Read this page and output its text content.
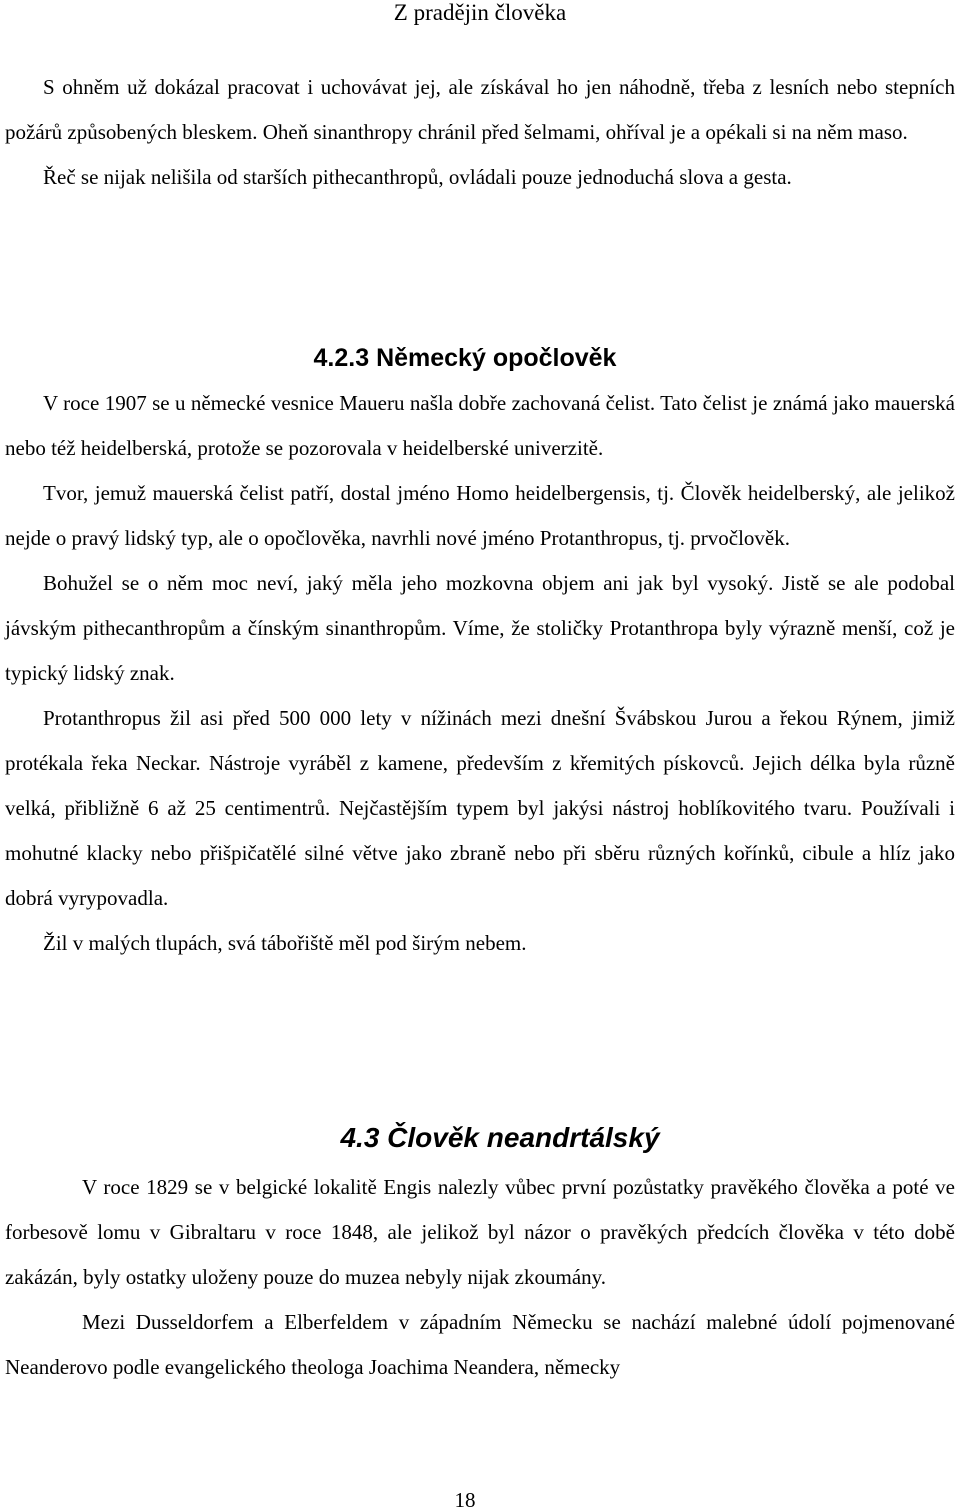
Z pradějin člověka

S ohněm už dokázal pracovat i uchovávat jej, ale získával ho jen náhodně, třeba z lesních nebo stepních požárů způsobených bleskem. Oheň sinanthropy chránil před šelmami, ohříval je a opékali si na něm maso.

Řeč se nijak nelišila od starších pithecanthropů, ovládali pouze jednoduchá slova a gesta.

4.2.3 Německý opočlověk

V roce 1907 se u německé vesnice Maueru našla dobře zachovaná čelist. Tato čelist je známá jako mauerská nebo též heidelberská, protože se pozorovala v heidelberské univerzitě.

Tvor, jemuž mauerská čelist patří, dostal jméno Homo heidelbergensis, tj. Člověk heidelberský, ale jelikož nejde o pravý lidský typ, ale o opočlověka, navrhli nové jméno Protanthropus, tj. prvočlověk.

Bohužel se o něm moc neví, jaký měla jeho mozkovna objem ani jak byl vysoký. Jistě se ale podobal jávským pithecanthropům a čínským sinanthropům. Víme, že stoličky Protanthropa byly výrazně menší, což je typický lidský znak.

Protanthropus žil asi před 500 000 lety v nížinách mezi dnešní Švábskou Jurou a řekou Rýnem, jimiž protékala řeka Neckar. Nástroje vyráběl z kamene, především z křemitých pískovců. Jejich délka byla různě velká, přibližně 6 až 25 centimentrů. Nejčastějším typem byl jakýsi nástroj hoblíkovitého tvaru. Používali i mohutné klacky nebo přišpičatělé silné větve jako zbraně nebo při sběru různých kořínků, cibule a hlíz jako dobrá vyrypovadla.

Žil v malých tlupách, svá tábořiště měl pod širým nebem.

4.3 Člověk neandrtálský

V roce 1829 se v belgické lokalitě Engis nalezly vůbec první pozůstatky pravěkého člověka a poté ve forbesově lomu v Gibraltaru v roce 1848, ale jelikož byl názor o pravěkých předcích člověka v této době zakázán, byly ostatky uloženy pouze do muzea nebyly nijak zkoumány.

Mezi Dusseldorfem a Elberfeldem v západním Německu se nachází malebné údolí pojmenované Neanderovo podle evangelického theologa Joachima Neandera, německy

18
